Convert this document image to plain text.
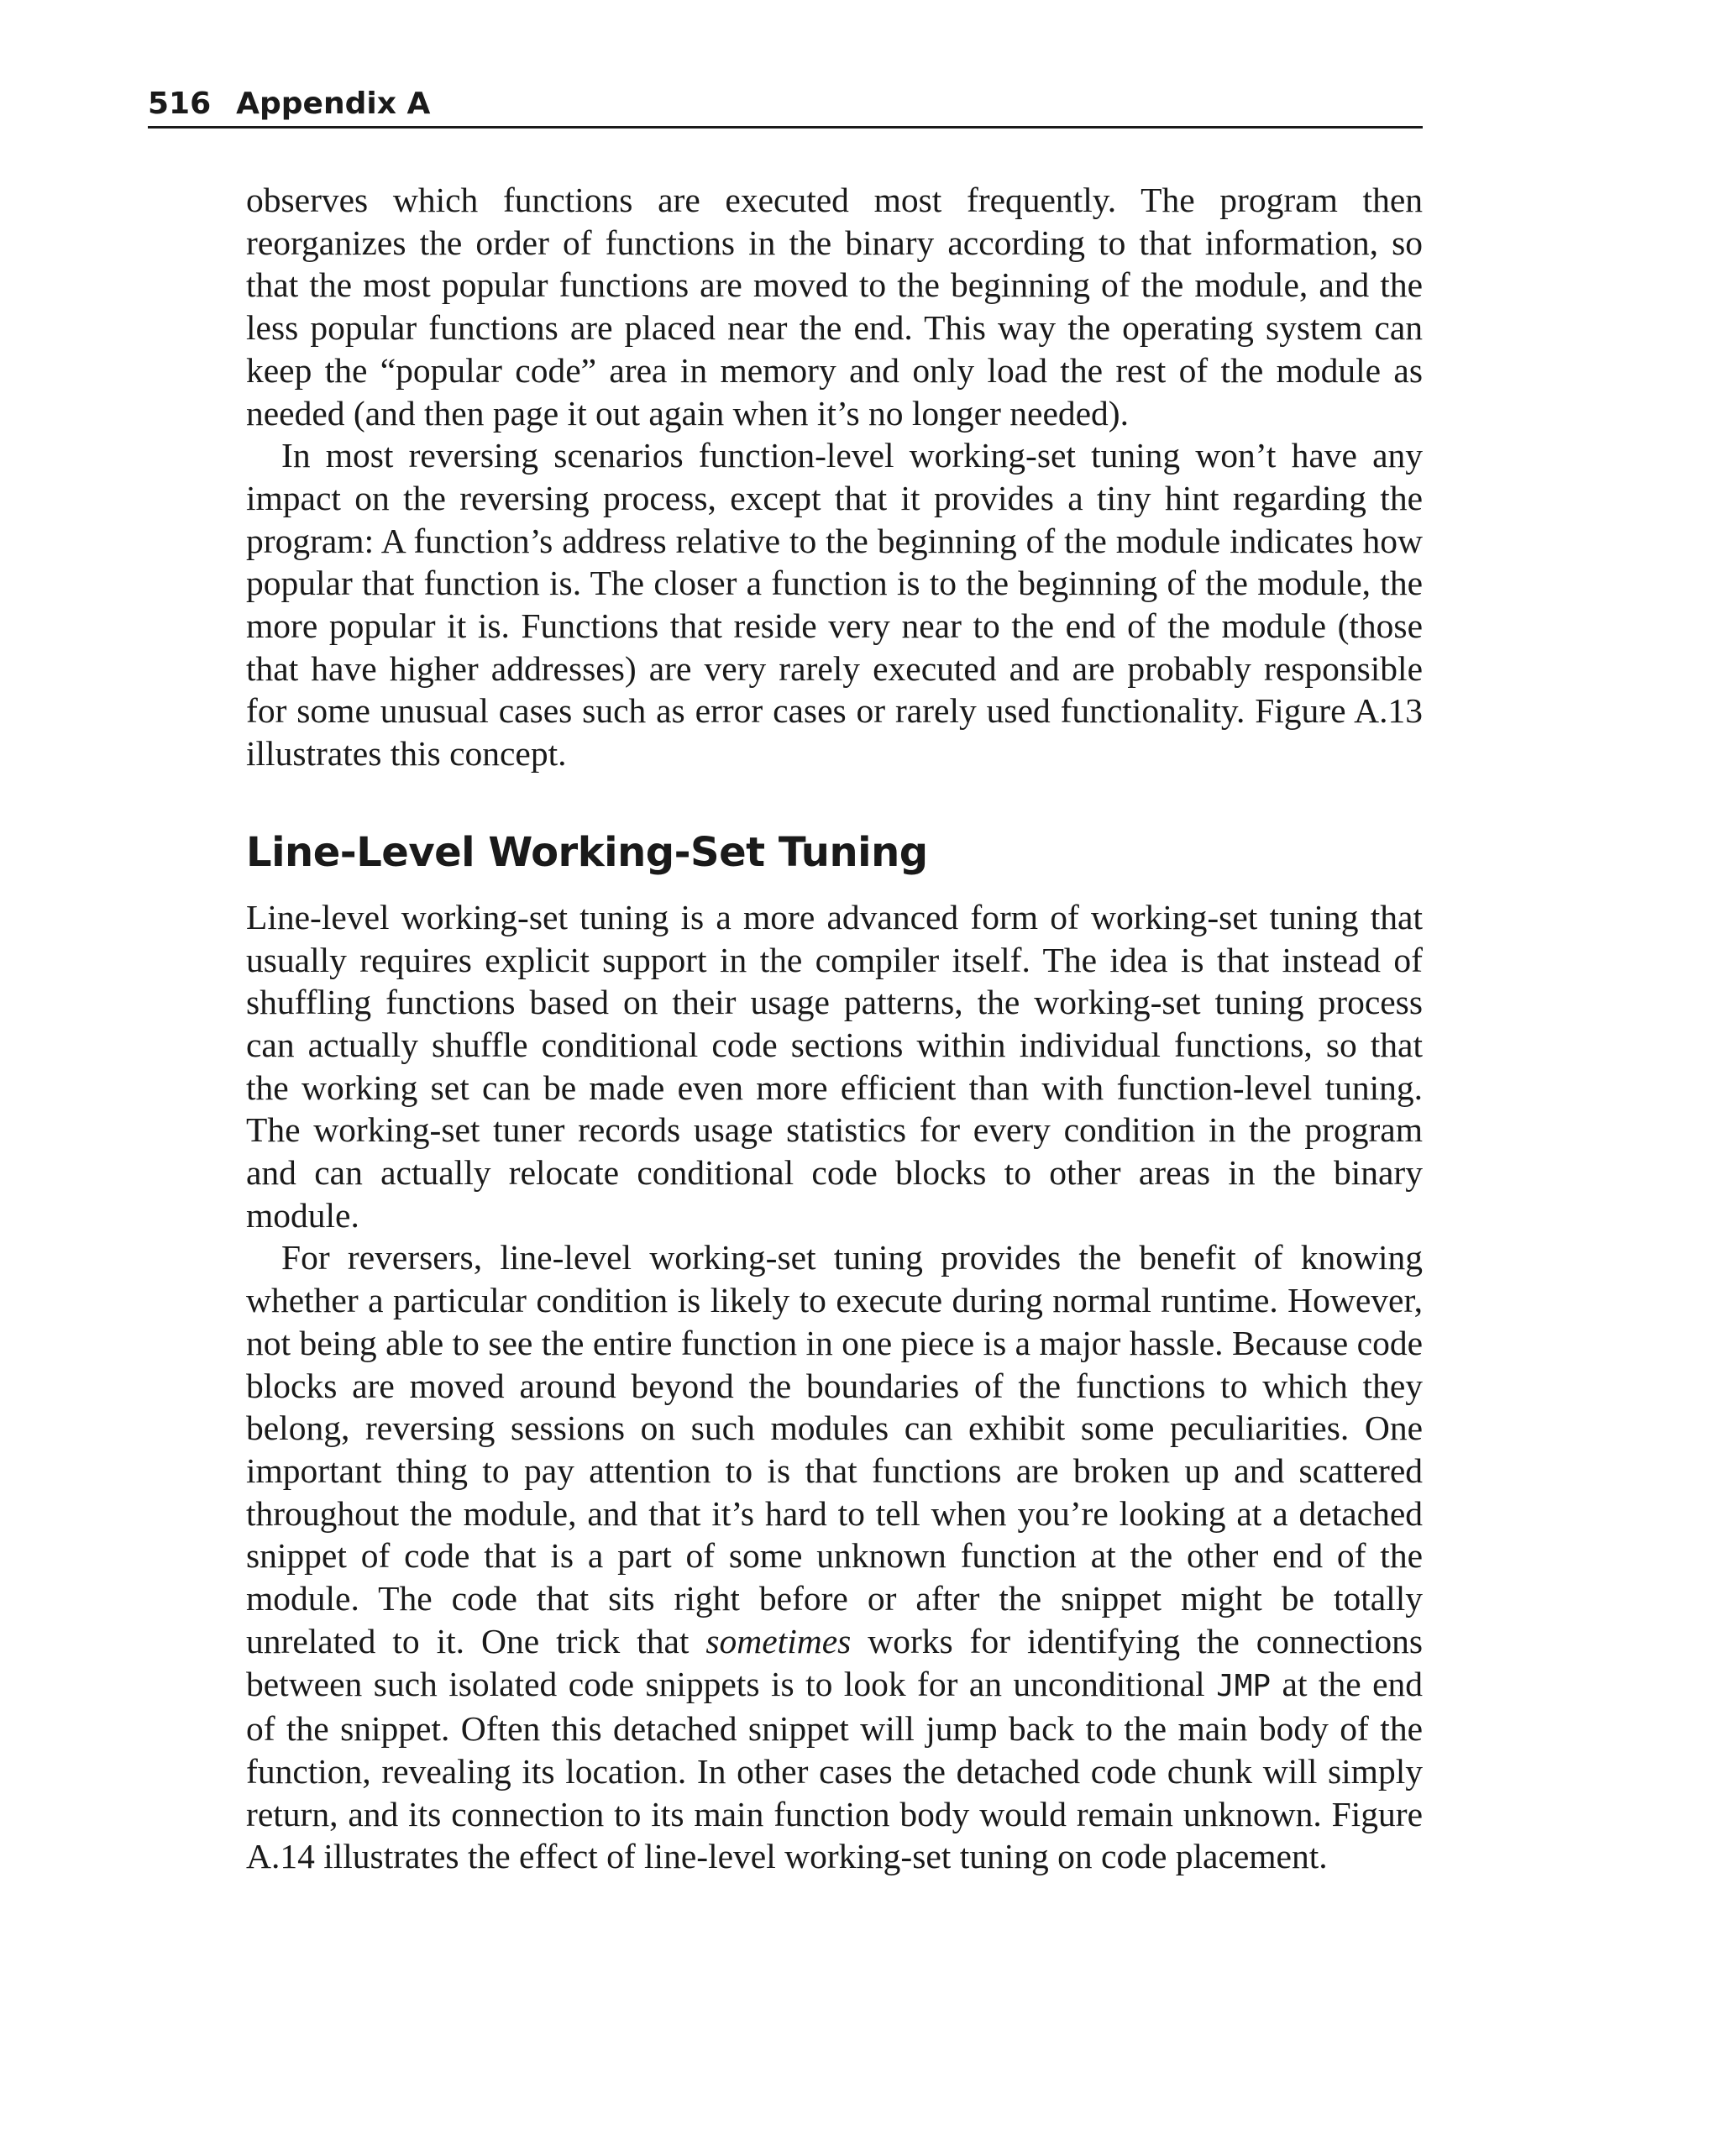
516 Appendix A

observes which functions are executed most frequently. The program then reorganizes the order of functions in the binary according to that information, so that the most popular functions are moved to the beginning of the module, and the less popular functions are placed near the end. This way the operating system can keep the “popular code” area in memory and only load the rest of the module as needed (and then page it out again when it’s no longer needed).

In most reversing scenarios function-level working-set tuning won’t have any impact on the reversing process, except that it provides a tiny hint regarding the program: A function’s address relative to the beginning of the module indicates how popular that function is. The closer a function is to the beginning of the module, the more popular it is. Functions that reside very near to the end of the module (those that have higher addresses) are very rarely executed and are probably responsible for some unusual cases such as error cases or rarely used functionality. Figure A.13 illustrates this concept.

Line-Level Working-Set Tuning

Line-level working-set tuning is a more advanced form of working-set tuning that usually requires explicit support in the compiler itself. The idea is that instead of shuffling functions based on their usage patterns, the working-set tuning process can actually shuffle conditional code sections within individual functions, so that the working set can be made even more efficient than with function-level tuning. The working-set tuner records usage statistics for every condition in the program and can actually relocate conditional code blocks to other areas in the binary module.

For reversers, line-level working-set tuning provides the benefit of knowing whether a particular condition is likely to execute during normal runtime. However, not being able to see the entire function in one piece is a major hassle. Because code blocks are moved around beyond the boundaries of the functions to which they belong, reversing sessions on such modules can exhibit some peculiarities. One important thing to pay attention to is that functions are broken up and scattered throughout the module, and that it’s hard to tell when you’re looking at a detached snippet of code that is a part of some unknown function at the other end of the module. The code that sits right before or after the snippet might be totally unrelated to it. One trick that sometimes works for identifying the connections between such isolated code snippets is to look for an unconditional JMP at the end of the snippet. Often this detached snippet will jump back to the main body of the function, revealing its location. In other cases the detached code chunk will simply return, and its connection to its main function body would remain unknown. Figure A.14 illustrates the effect of line-level working-set tuning on code placement.
